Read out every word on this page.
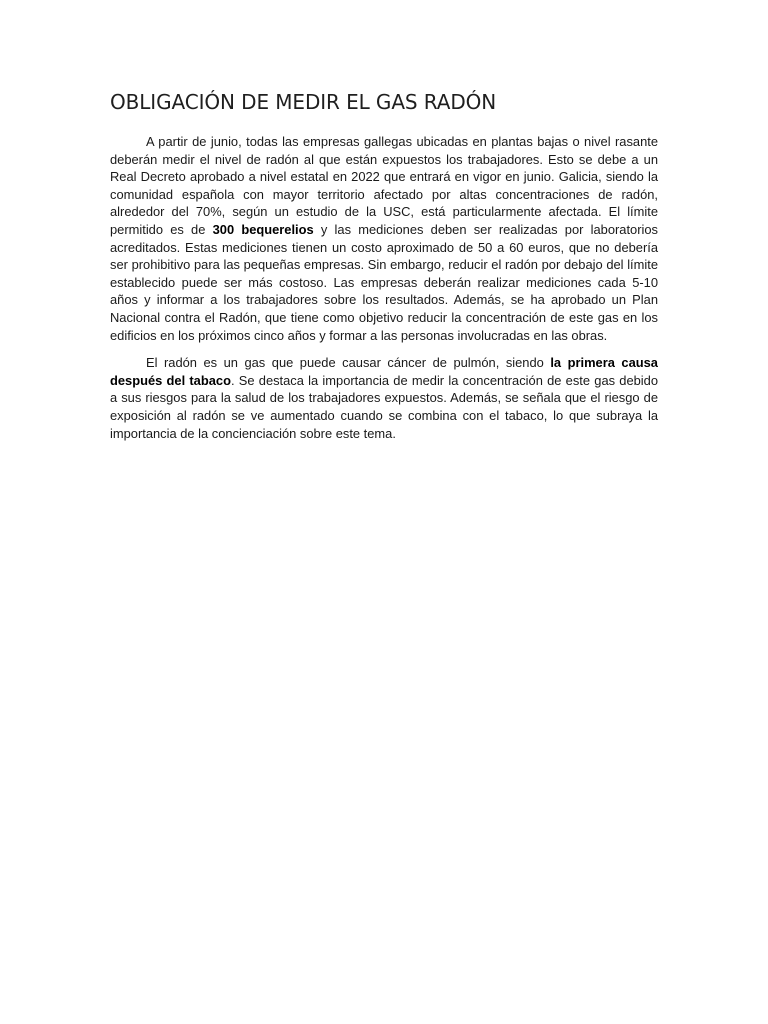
OBLIGACIÓN DE MEDIR EL GAS RADÓN

A partir de junio, todas las empresas gallegas ubicadas en plantas bajas o nivel rasante deberán medir el nivel de radón al que están expuestos los trabajadores. Esto se debe a un Real Decreto aprobado a nivel estatal en 2022 que entrará en vigor en junio. Galicia, siendo la comunidad española con mayor territorio afectado por altas concentraciones de radón, alrededor del 70%, según un estudio de la USC, está particularmente afectada. El límite permitido es de 300 bequerelios y las mediciones deben ser realizadas por laboratorios acreditados. Estas mediciones tienen un costo aproximado de 50 a 60 euros, que no debería ser prohibitivo para las pequeñas empresas. Sin embargo, reducir el radón por debajo del límite establecido puede ser más costoso. Las empresas deberán realizar mediciones cada 5-10 años y informar a los trabajadores sobre los resultados. Además, se ha aprobado un Plan Nacional contra el Radón, que tiene como objetivo reducir la concentración de este gas en los edificios en los próximos cinco años y formar a las personas involucradas en las obras.

El radón es un gas que puede causar cáncer de pulmón, siendo la primera causa después del tabaco. Se destaca la importancia de medir la concentración de este gas debido a sus riesgos para la salud de los trabajadores expuestos. Además, se señala que el riesgo de exposición al radón se ve aumentado cuando se combina con el tabaco, lo que subraya la importancia de la concienciación sobre este tema.
